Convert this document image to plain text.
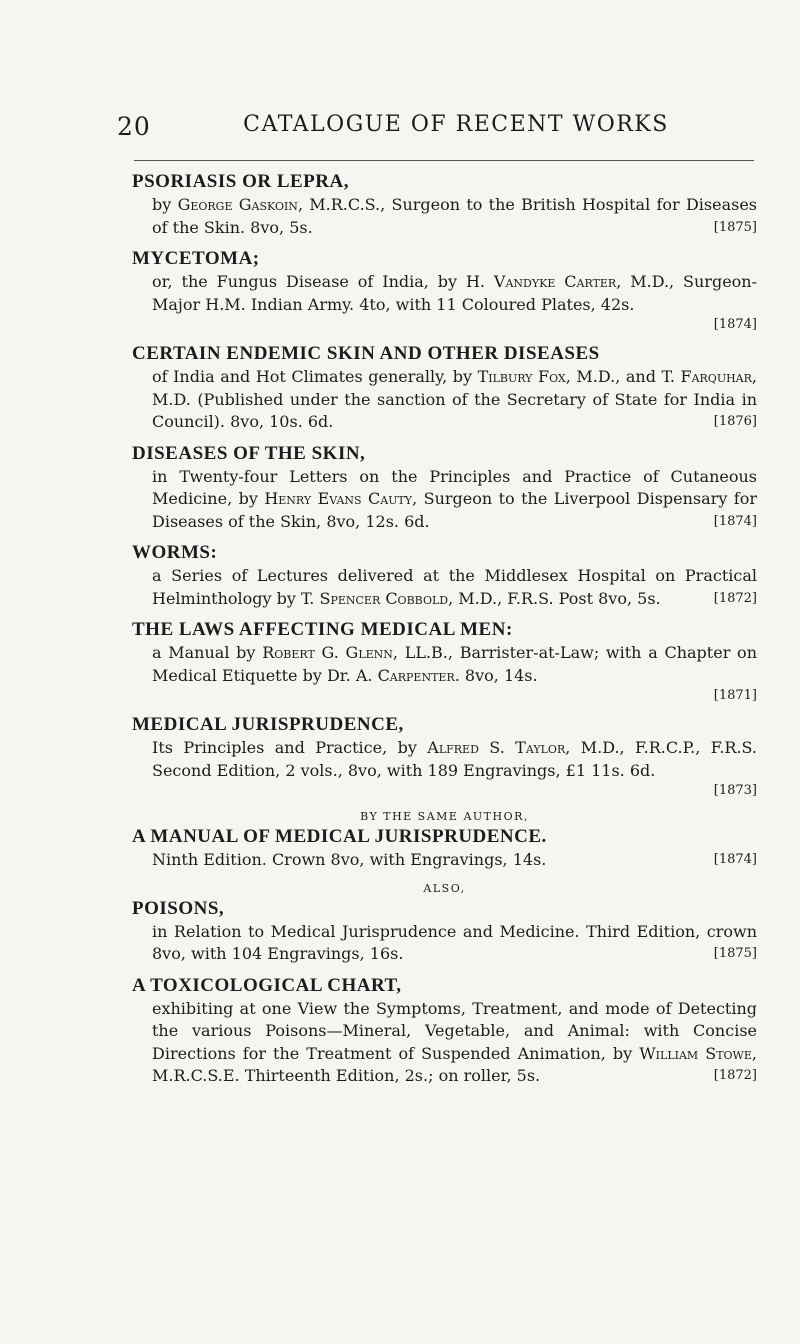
20	CATALOGUE OF RECENT WORKS

PSORIASIS OR LEPRA,

by George Gaskoin, M.R.C.S., Surgeon to the British Hospital for Diseases of the Skin. 8vo, 5s.	[1875]

MYCETOMA;

or, the Fungus Disease of India, by H. Vandyke Carter, M.D., Surgeon-Major H.M. Indian Army. 4to, with 11 Coloured Plates, 42s.

[1874]

CERTAIN ENDEMIC SKIN AND OTHER DISEASES

of India and Hot Climates generally, by Tilbury Fox, M.D., and T. Farquhar, M.D. (Published under the sanction of the Secretary of State for India in Council). 8vo, 10s. 6d.	[1876]

DISEASES OF THE SKIN,

in Twenty-four Letters on the Principles and Practice of Cutaneous Medicine, by Henry Evans Cauty, Surgeon to the Liverpool Dispensary for Diseases of the Skin, 8vo, 12s. 6d.	[1874]

WORMS:

a Series of Lectures delivered at the Middlesex Hospital on Practical Helminthology by T. Spencer Cobbold, M.D., F.R.S. Post 8vo, 5s.	[1872]

THE LAWS AFFECTING MEDICAL MEN:

a Manual by Robert G. Glenn, LL.B., Barrister-at-Law; with a Chapter on Medical Etiquette by Dr. A. Carpenter. 8vo, 14s.

[1871]

MEDICAL JURISPRUDENCE,

Its Principles and Practice, by Alfred S. Taylor, M.D., F.R.C.P., F.R.S. Second Edition, 2 vols., 8vo, with 189 Engravings, £1 11s. 6d.

[1873]

BY THE SAME AUTHOR,

A MANUAL OF MEDICAL JURISPRUDENCE.

Ninth Edition. Crown 8vo, with Engravings, 14s.	[1874]

ALSO,

POISONS,

in Relation to Medical Jurisprudence and Medicine. Third Edition, crown 8vo, with 104 Engravings, 16s.	[1875]

A TOXICOLOGICAL CHART,

exhibiting at one View the Symptoms, Treatment, and mode of Detecting the various Poisons—Mineral, Vegetable, and Animal: with Concise Directions for the Treatment of Suspended Animation, by William Stowe, M.R.C.S.E. Thirteenth Edition, 2s.; on roller, 5s.	[1872]
